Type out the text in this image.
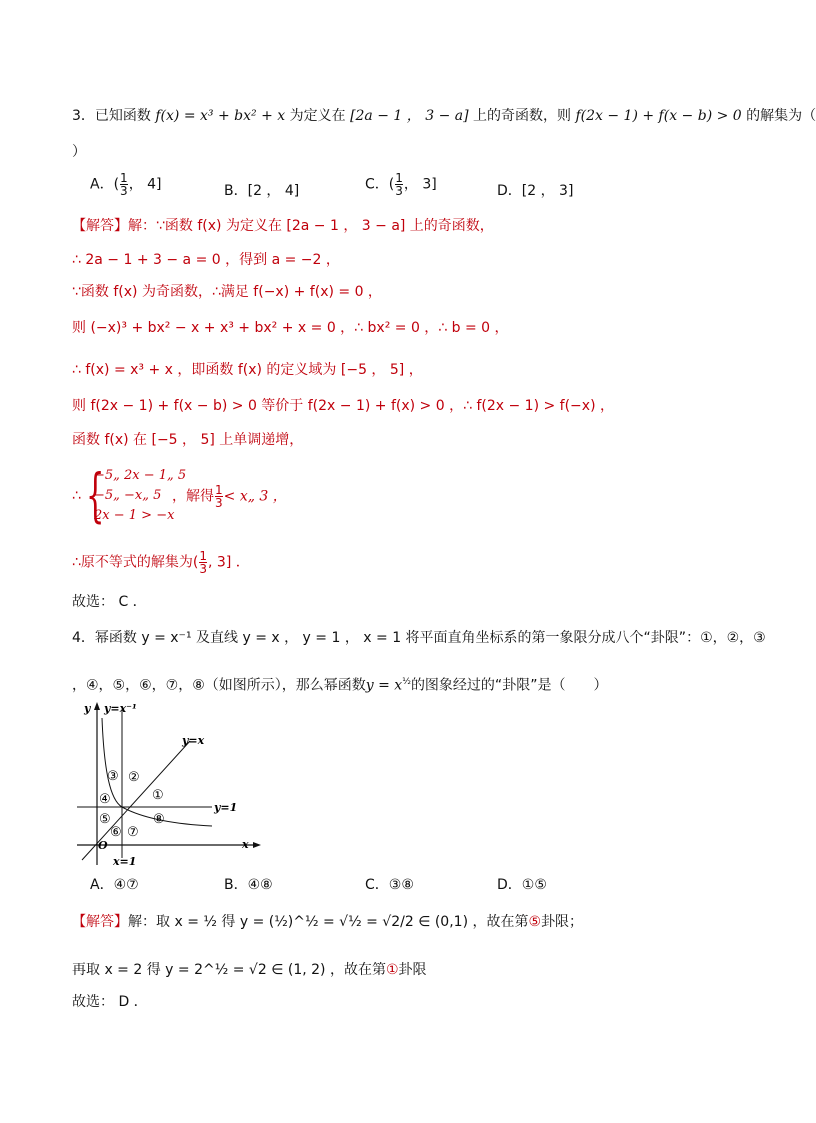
3．已知函数 f(x) = x³ + bx² + x 为定义在 [2a − 1 ， 3 − a] 上的奇函数，则 f(2x − 1) + f(x − b) > 0 的解集为（
）
A．( $\frac{1}{3}$ ， 4]	B．[2 ， 4]	C．( $\frac{1}{3}$ ， 3]	D．[2 ， 3]
【解答】解：∵函数 f(x) 为定义在 [2a − 1 ， 3 − a] 上的奇函数，
∴ 2a − 1 + 3 − a = 0 ，得到 a = −2 ，
∵函数 f(x) 为奇函数，∴满足 f(−x) + f(x) = 0 ，
则 (−x)³ + bx² − x + x³ + bx² + x = 0 ，∴ bx² = 0 ，∴ b = 0 ，
∴ f(x) = x³ + x ，即函数 f(x) 的定义域为 [−5 ， 5] ，
则 f(2x − 1) + f(x − b) > 0 等价于 f(2x − 1) + f(x) > 0 ，∴ f(2x − 1) > f(−x) ，
函数 f(x) 在 [−5 ， 5] 上单调递增，
∴ {
−5„ 2x − 1„ 5
−5„ −x„ 5
2x − 1 > −x
，解得 $\frac{1}{3}$ < x„ 3 ，
∴原不等式的解集为( $\frac{1}{3}$ , 3] ．
故选： C ．
4．幂函数 y = x⁻¹ 及直线 y = x ， y = 1 ， x = 1 将平面直角坐标系的第一象限分成八个“卦限”：①，②，③
，④，⑤，⑥，⑦，⑧（如图所示），那么幂函数$y = x^{\frac{1}{2}}$的图象经过的“卦限”是（　　）
y y=x⁻¹
y=x
y=1
x
O
x=1
①
②
③
④
⑤
⑥ ⑦
⑧
A．④⑦	B．④⑧	C．③⑧	D．①⑤
【解答】解：取 x = ½ 得 y = (½)^½ = √½ = √2/2 ∈ (0,1) ，故在第⑤卦限；
再取 x = 2 得 y = 2^½ = √2 ∈ (1, 2) ，故在第①卦限
故选： D ．
